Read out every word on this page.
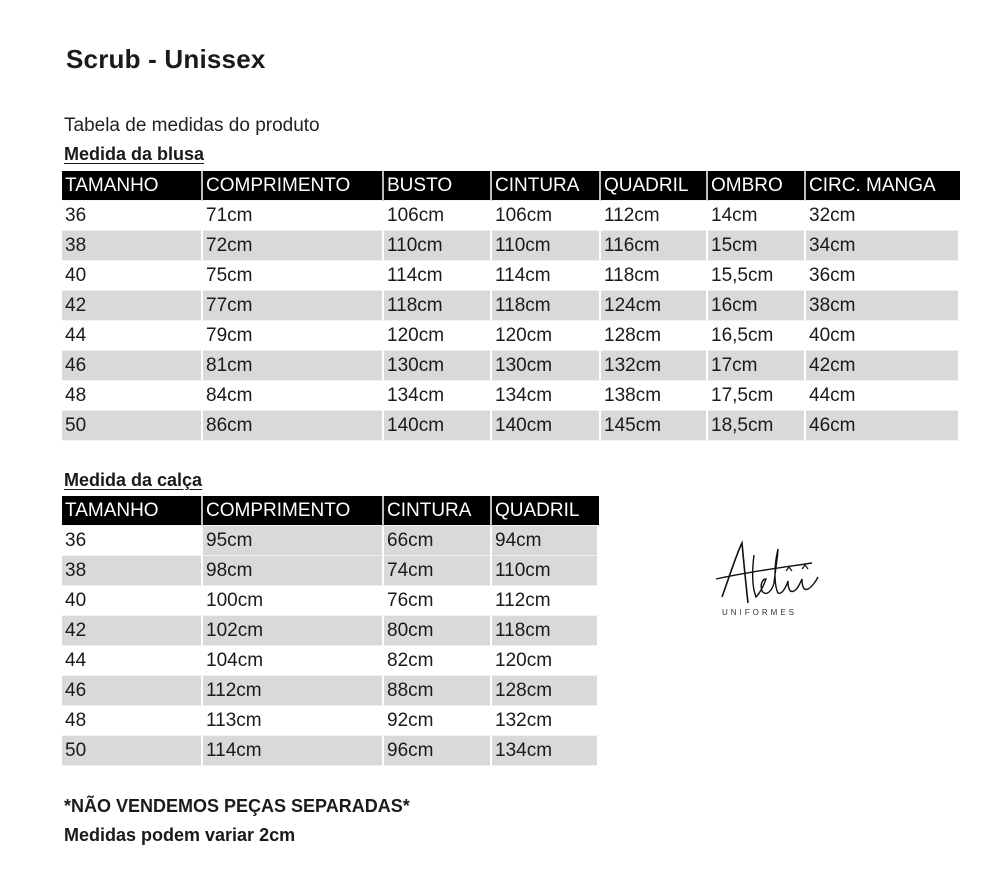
Scrub - Unissex
Tabela de medidas do produto
Medida da blusa
TAMANHO	COMPRIMENTO	BUSTO	CINTURA	QUADRIL	OMBRO	CIRC. MANGA
36	71cm	106cm	106cm	112cm	14cm	32cm
38	72cm	110cm	110cm	116cm	15cm	34cm
40	75cm	114cm	114cm	118cm	15,5cm	36cm
42	77cm	118cm	118cm	124cm	16cm	38cm
44	79cm	120cm	120cm	128cm	16,5cm	40cm
46	81cm	130cm	130cm	132cm	17cm	42cm
48	84cm	134cm	134cm	138cm	17,5cm	44cm
50	86cm	140cm	140cm	145cm	18,5cm	46cm
Medida da calça
TAMANHO	COMPRIMENTO	CINTURA	QUADRIL
36	95cm	66cm	94cm
38	98cm	74cm	110cm
40	100cm	76cm	112cm
42	102cm	80cm	118cm
44	104cm	82cm	120cm
46	112cm	88cm	128cm
48	113cm	92cm	132cm
50	114cm	96cm	134cm
UNIFORMES
*NÃO VENDEMOS PEÇAS SEPARADAS*
Medidas podem variar 2cm
